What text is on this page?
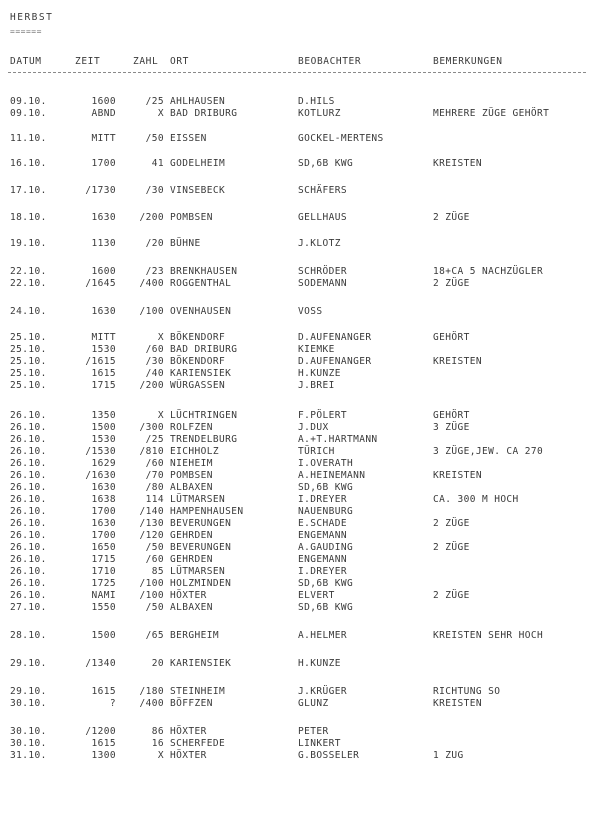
HERBST
======
DATUM	ZEIT	ZAHL ORT	BEOBACHTER	BEMERKUNGEN
09.10.	1600	/25 AHLHAUSEN	D.HILS
09.10.	ABND	X BAD DRIBURG	KOTLURZ	MEHRERE ZÜGE GEHÖRT
11.10.	MITT	/50 EISSEN	GOCKEL-MERTENS
16.10.	1700	41 GODELHEIM	SD,6B KWG	KREISTEN
17.10.	/1730	/30 VINSEBECK	SCHÄFERS
18.10.	1630	/200 POMBSEN	GELLHAUS	2 ZÜGE
19.10.	1130	/20 BÜHNE	J.KLOTZ
22.10.	1600	/23 BRENKHAUSEN	SCHRÖDER	18+CA 5 NACHZÜGLER
22.10.	/1645	/400 ROGGENTHAL	SODEMANN	2 ZÜGE
24.10.	1630	/100 OVENHAUSEN	VOSS
25.10.	MITT	X BÖKENDORF	D.AUFENANGER	GEHÖRT
25.10.	1530	/60 BAD DRIBURG	KIEMKE
25.10.	/1615	/30 BÖKENDORF	D.AUFENANGER	KREISTEN
25.10.	1615	/40 KARIENSIEK	H.KUNZE
25.10.	1715	/200 WÜRGASSEN	J.BREI
26.10.	1350	X LÜCHTRINGEN	F.PÖLERT	GEHÖRT
26.10.	1500	/300 ROLFZEN	J.DUX	3 ZÜGE
26.10.	1530	/25 TRENDELBURG	A.+T.HARTMANN
26.10.	/1530	/810 EICHHOLZ	TÜRICH	3 ZÜGE,JEW. CA 270
26.10.	1629	/60 NIEHEIM	I.OVERATH
26.10.	/1630	/70 POMBSEN	A.HEINEMANN	KREISTEN
26.10.	1630	/80 ALBAXEN	SD,6B KWG
26.10.	1638	114 LÜTMARSEN	I.DREYER	CA. 300 M HOCH
26.10.	1700	/140 HAMPENHAUSEN	NAUENBURG
26.10.	1630	/130 BEVERUNGEN	E.SCHADE	2 ZÜGE
26.10.	1700	/120 GEHRDEN	ENGEMANN
26.10.	1650	/50 BEVERUNGEN	A.GAUDING	2 ZÜGE
26.10.	1715	/60 GEHRDEN	ENGEMANN
26.10.	1710	85 LÜTMARSEN	I.DREYER
26.10.	1725	/100 HOLZMINDEN	SD,6B KWG
26.10.	NAMI	/100 HÖXTER	ELVERT	2 ZÜGE
27.10.	1550	/50 ALBAXEN	SD,6B KWG
28.10.	1500	/65 BERGHEIM	A.HELMER	KREISTEN SEHR HOCH
29.10.	/1340	20 KARIENSIEK	H.KUNZE
29.10.	1615	/180 STEINHEIM	J.KRÜGER	RICHTUNG SO
30.10.	?	/400 BÖFFZEN	GLUNZ	KREISTEN
30.10.	/1200	86 HÖXTER	PETER
30.10.	1615	16 SCHERFEDE	LINKERT
31.10.	1300	X HÖXTER	G.BOSSELER	1 ZUG
